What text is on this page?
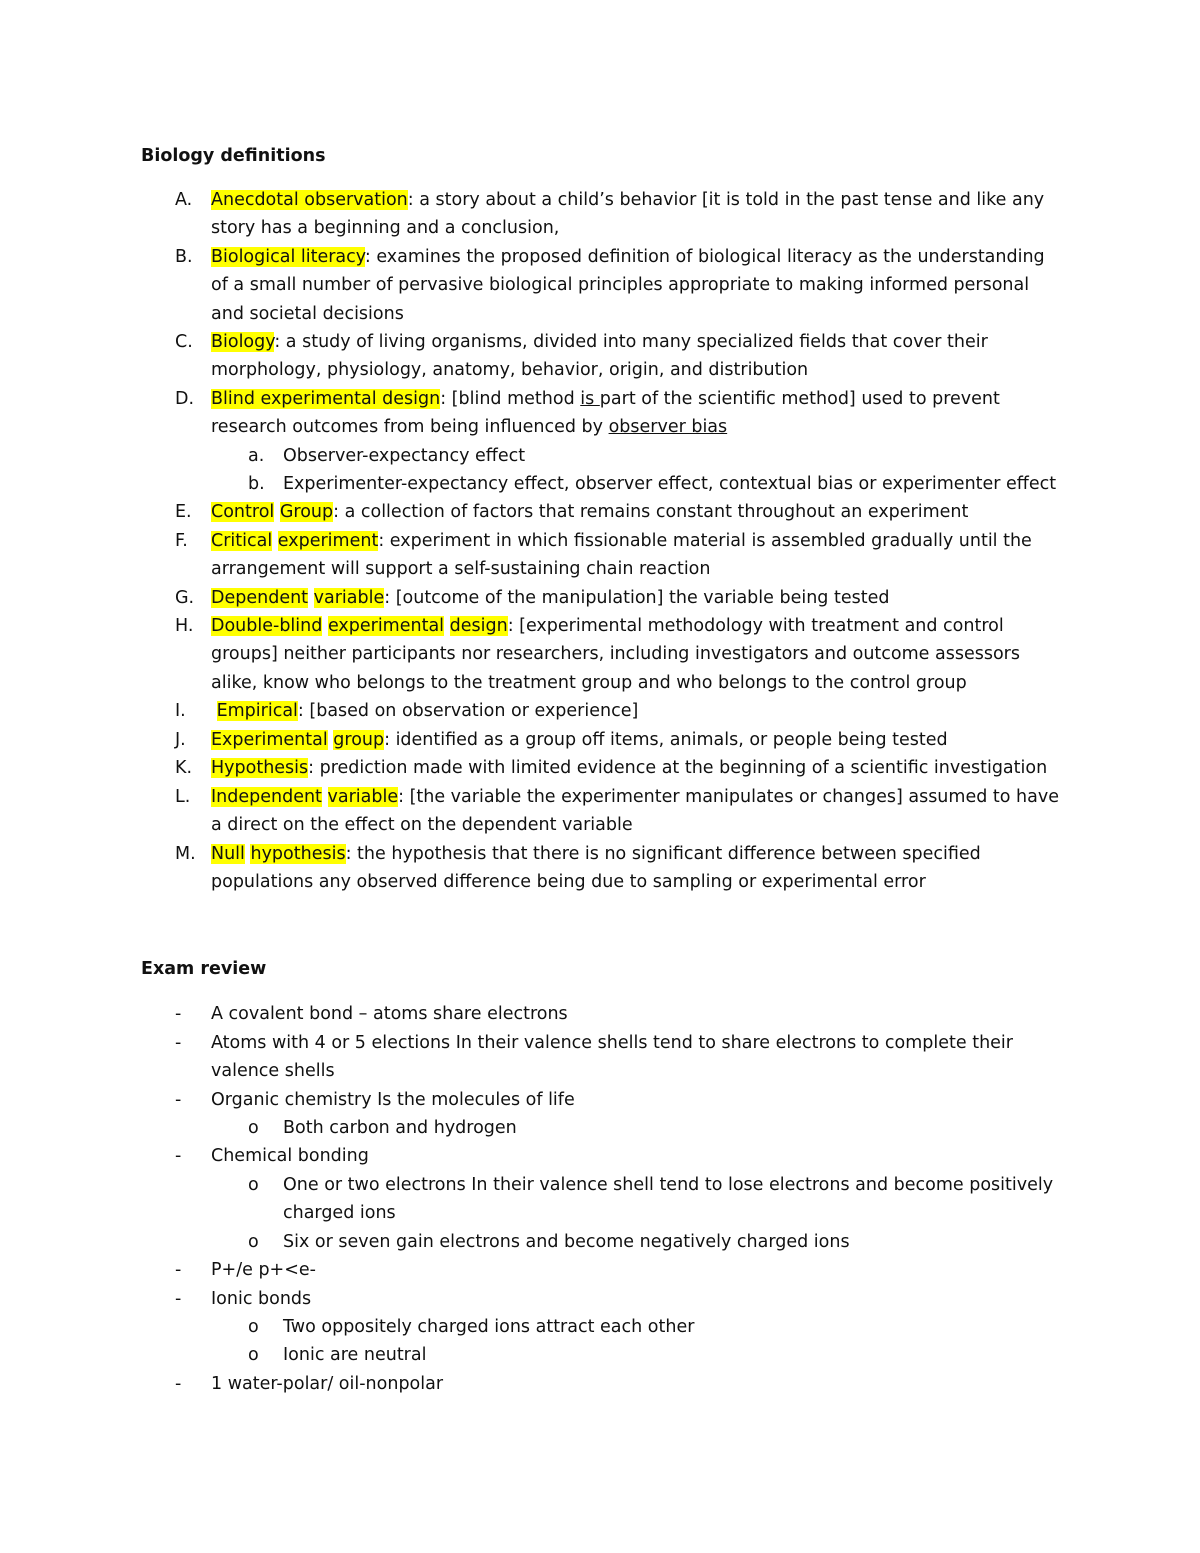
Biology definitions
A. Anecdotal observation: a story about a child’s behavior [it is told in the past tense and like any
story has a beginning and a conclusion,
B. Biological literacy: examines the proposed definition of biological literacy as the understanding
of a small number of pervasive biological principles appropriate to making informed personal
and societal decisions
C. Biology: a study of living organisms, divided into many specialized fields that cover their
morphology, physiology, anatomy, behavior, origin, and distribution
D. Blind experimental design: [blind method is part of the scientific method] used to prevent
research outcomes from being influenced by observer bias
a. Observer-expectancy effect
b. Experimenter-expectancy effect, observer effect, contextual bias or experimenter effect
E. Control Group: a collection of factors that remains constant throughout an experiment
F. Critical experiment: experiment in which fissionable material is assembled gradually until the
arrangement will support a self-sustaining chain reaction
G. Dependent variable: [outcome of the manipulation] the variable being tested
H. Double-blind experimental design: [experimental methodology with treatment and control
groups] neither participants nor researchers, including investigators and outcome assessors
alike, know who belongs to the treatment group and who belongs to the control group
I.	Empirical: [based on observation or experience]
J. Experimental group: identified as a group off items, animals, or people being tested
K. Hypothesis: prediction made with limited evidence at the beginning of a scientific investigation
L. Independent variable: [the variable the experimenter manipulates or changes] assumed to have
a direct on the effect on the dependent variable
M. Null hypothesis: the hypothesis that there is no significant difference between specified
populations any observed difference being due to sampling or experimental error
Exam review
- A covalent bond – atoms share electrons
- Atoms with 4 or 5 elections In their valence shells tend to share electrons to complete their
valence shells
- Organic chemistry Is the molecules of life
o Both carbon and hydrogen
- Chemical bonding
o One or two electrons In their valence shell tend to lose electrons and become positively
charged ions
o Six or seven gain electrons and become negatively charged ions
- P+/e p+<e-
- Ionic bonds
o Two oppositely charged ions attract each other
o Ionic are neutral
- 1 water-polar/ oil-nonpolar
